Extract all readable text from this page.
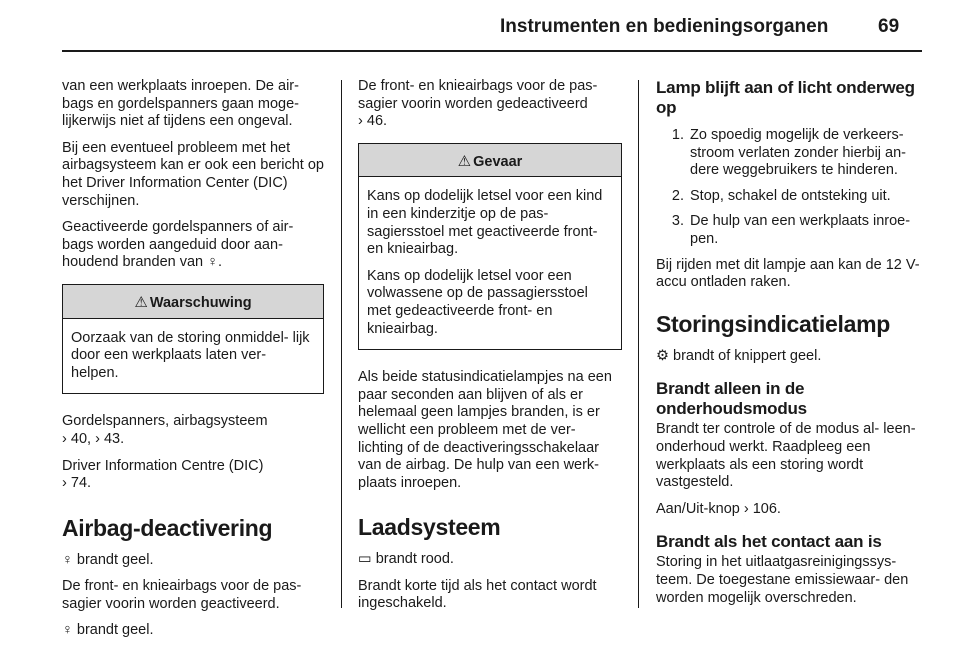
Instrumenten en bedieningsorganen	69

van een werkplaats inroepen. De air- bags en gordelspanners gaan moge- lijkerwijs niet af tijdens een ongeval.

Bij een eventueel probleem met het airbagsysteem kan er ook een bericht op het Driver Information Center (DIC) verschijnen.

Geactiveerde gordelspanners of air- bags worden aangeduid door aan- houdend branden van ♀.

⚠ Waarschuwing

Oorzaak van de storing onmiddel- lijk door een werkplaats laten ver- helpen.

Gordelspanners, airbagsysteem
› 40, › 43.

Driver Information Centre (DIC)
› 74.

Airbag-deactivering

♀ brandt geel.

De front- en knieairbags voor de pas- sagier voorin worden geactiveerd.

♀ brandt geel.

De front- en knieairbags voor de pas- sagier voorin worden gedeactiveerd
› 46.

⚠ Gevaar

Kans op dodelijk letsel voor een kind in een kinderzitje op de pas- sagiersstoel met geactiveerde front- en knieairbag.

Kans op dodelijk letsel voor een volwassene op de passagiersstoel met gedeactiveerde front- en knieairbag.

Als beide statusindicatielampjes na een paar seconden aan blijven of als er helemaal geen lampjes branden, is er wellicht een probleem met de ver- lichting of de deactiveringsschakelaar van de airbag. De hulp van een werk- plaats inroepen.

Laadsysteem

▭ brandt rood.

Brandt korte tijd als het contact wordt ingeschakeld.

Lamp blijft aan of licht onderweg op
1. Zo spoedig mogelijk de verkeers- stroom verlaten zonder hierbij an- dere weggebruikers te hinderen.
2. Stop, schakel de ontsteking uit.
3. De hulp van een werkplaats inroe- pen.

Bij rijden met dit lampje aan kan de 12 V-accu ontladen raken.

Storingsindicatielamp

⚙ brandt of knippert geel.

Brandt alleen in de onderhoudsmodus

Brandt ter controle of de modus al- leen-onderhoud werkt. Raadpleeg een werkplaats als een storing wordt vastgesteld.

Aan/Uit-knop › 106.

Brandt als het contact aan is

Storing in het uitlaatgasreinigingssys- teem. De toegestane emissiewaar- den worden mogelijk overschreden.
